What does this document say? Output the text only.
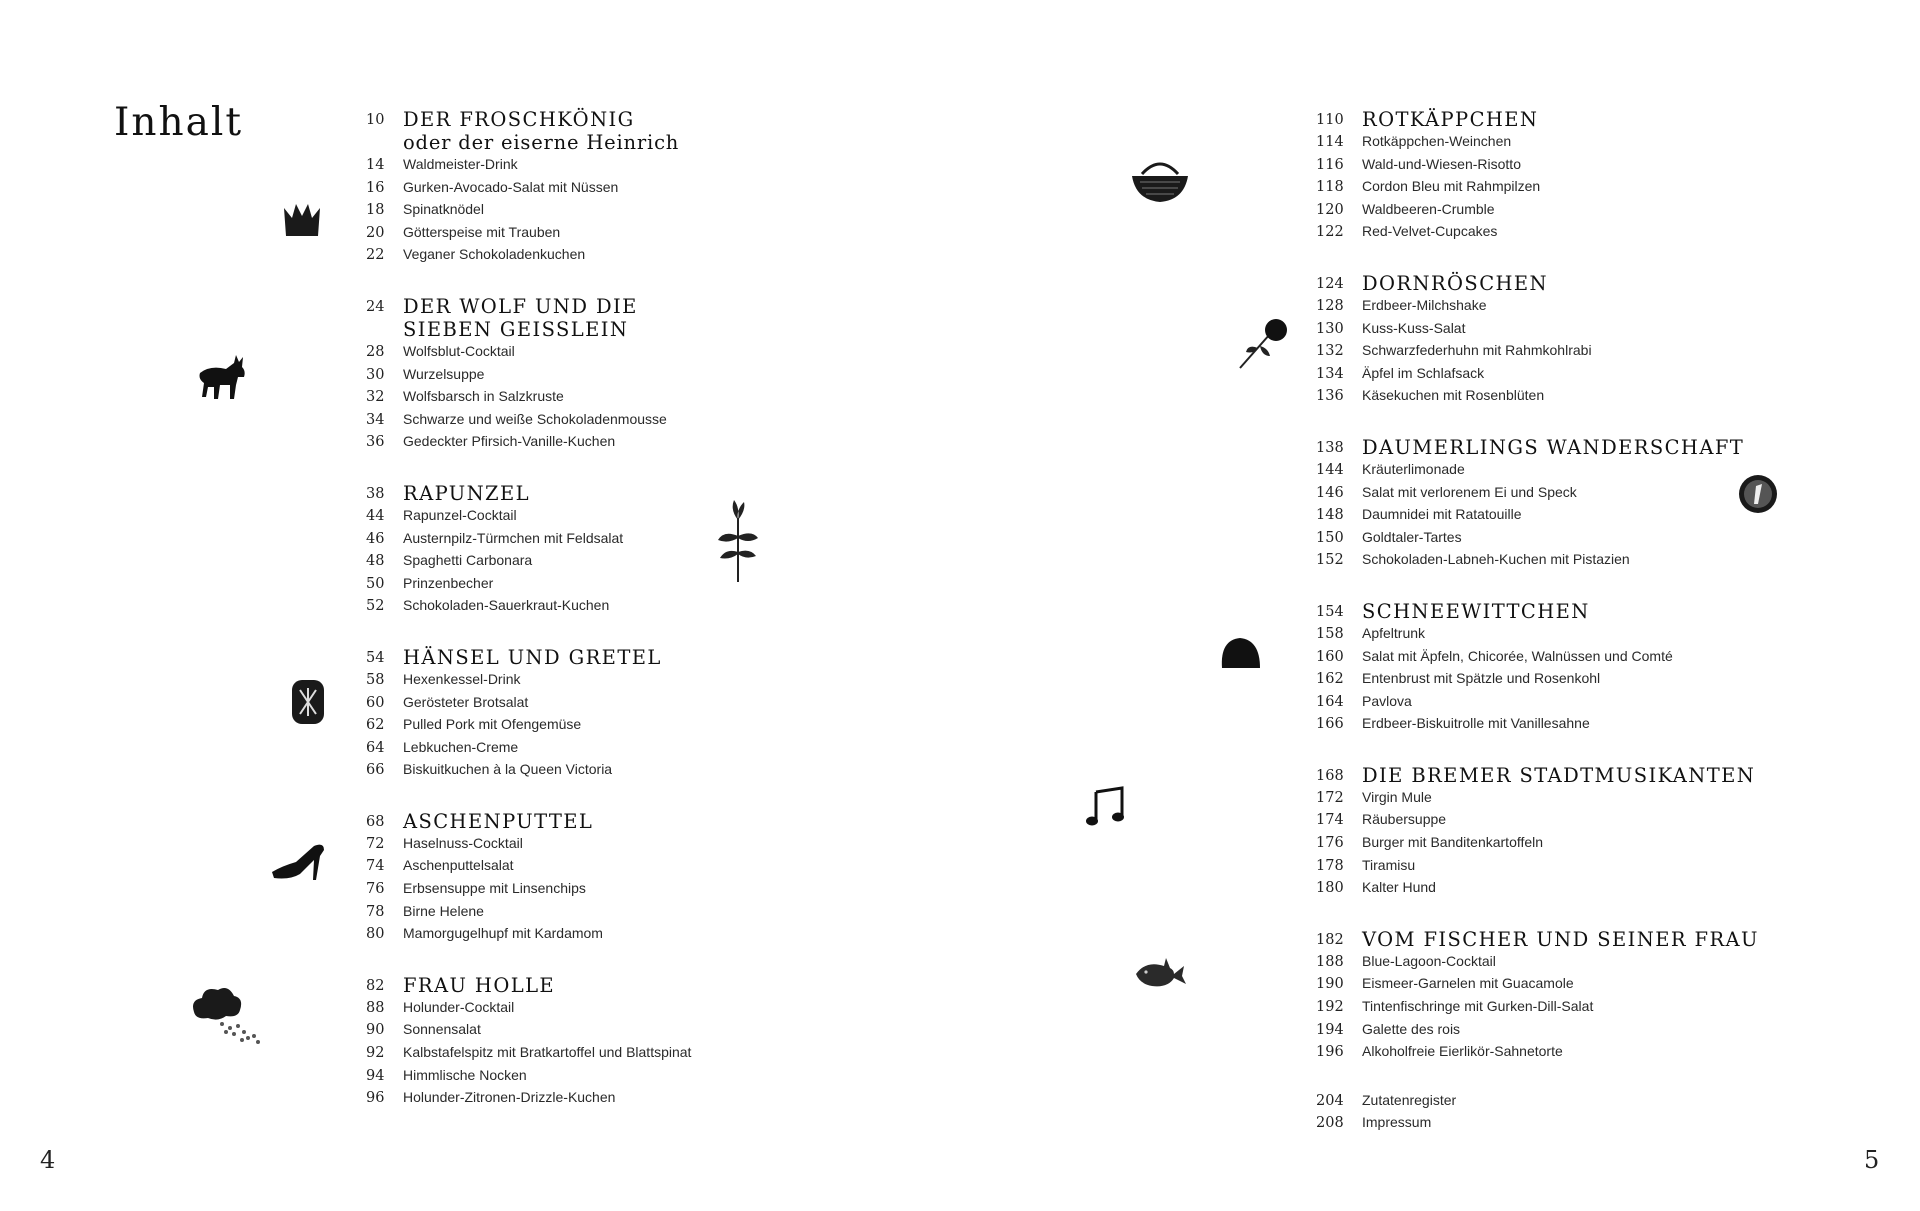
Inhalt	10 DER FROSCHKÖNIG
oder der eiserne Heinrich
14	Waldmeister-Drink
16	Gurken-Avocado-Salat mit Nüssen
18	Spinatknödel
20	Götterspeise mit Trauben
22	Veganer Schokoladenkuchen
24 DER WOLF UND DIE
SIEBEN GEISSLEIN
28	Wolfsblut-Cocktail
30	Wurzelsuppe
32	Wolfsbarsch in Salzkruste
34	Schwarze und weiße Schokoladenmousse
36	Gedeckter Pfirsich-Vanille-Kuchen
38 RAPUNZEL
44	Rapunzel-Cocktail
46	Austernpilz-Türmchen mit Feldsalat
48	Spaghetti Carbonara
50	Prinzenbecher
52	Schokoladen-Sauerkraut-Kuchen
54 HÄNSEL UND GRETEL
58	Hexenkessel-Drink
60	Gerösteter Brotsalat
62	Pulled Pork mit Ofengemüse
64	Lebkuchen-Creme
66	Biskuitkuchen à la Queen Victoria
68 ASCHENPUTTEL
72	Haselnuss-Cocktail
74	Aschenputtelsalat
76	Erbsensuppe mit Linsenchips
78	Birne Helene
80	Mamorgugelhupf mit Kardamom
82 FRAU HOLLE
88	Holunder-Cocktail
90	Sonnensalat
92	Kalbstafelspitz mit Bratkartoffel und Blattspinat
94	Himmlische Nocken
96	Holunder-Zitronen-Drizzle-Kuchen
110 ROTKÄPPCHEN
114	Rotkäppchen-Weinchen
116	Wald-und-Wiesen-Risotto
118	Cordon Bleu mit Rahmpilzen
120	Waldbeeren-Crumble
122	Red-Velvet-Cupcakes
124 DORNRÖSCHEN
128	Erdbeer-Milchshake
130	Kuss-Kuss-Salat
132	Schwarzfederhuhn mit Rahmkohlrabi
134	Äpfel im Schlafsack
136	Käsekuchen mit Rosenblüten
138 DAUMERLINGS WANDERSCHAFT
144	Kräuterlimonade
146	Salat mit verlorenem Ei und Speck
148	Daumnidei mit Ratatouille
150	Goldtaler-Tartes
152	Schokoladen-Labneh-Kuchen mit Pistazien
154 SCHNEEWITTCHEN
158	Apfeltrunk
160	Salat mit Äpfeln, Chicorée, Walnüssen und Comté
162	Entenbrust mit Spätzle und Rosenkohl
164	Pavlova
166	Erdbeer-Biskuitrolle mit Vanillesahne
168 DIE BREMER STADTMUSIKANTEN
172	Virgin Mule
174	Räubersuppe
176	Burger mit Banditenkartoffeln
178	Tiramisu
180	Kalter Hund
182 VOM FISCHER UND SEINER FRAU
188	Blue-Lagoon-Cocktail
190	Eismeer-Garnelen mit Guacamole
192	Tintenfischringe mit Gurken-Dill-Salat
194	Galette des rois
196	Alkoholfreie Eierlikör-Sahnetorte
204	Zutatenregister
208	Impressum
4	5
